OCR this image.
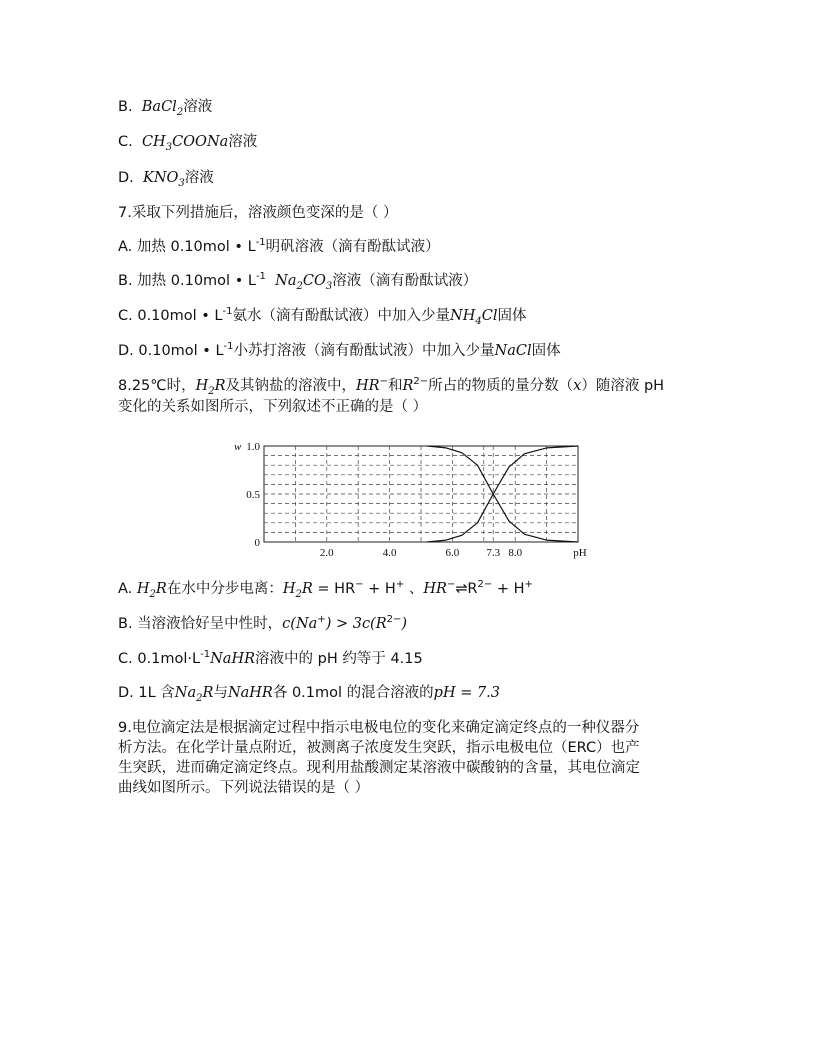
B. BaCl$_2$溶液
C. $CH_3COONa$溶液
D. $KNO_3$溶液
7.采取下列措施后，溶液颜色变深的是（ ）
A. 加热 0.10mol • $L^{-1}$明矾溶液（滴有酚酞试液）
B. 加热 0.10mol • $L^{-1}$ $Na_2CO_3$溶液（滴有酚酞试液）
C. 0.10mol • $L^{-1}$氨水（滴有酚酞试液）中加入少量$NH_4Cl$固体
D. 0.10mol • $L^{-1}$小苏打溶液（滴有酚酞试液）中加入少量NaCl固体
8.25℃时，$H_2R$及其钠盐的溶液中，HR−和$R^{2-}$所占的物质的量分数（x）随溶液 pH
变化的关系如图所示，下列叙述不正确的是（ ）
2.0	4.0	6.0 7.3 8.0
1.0
0.5
0
w
pH
A. $H_2R$在水中分步电离：$H_2R = HR^- + H^+$ 、$HR^-\rightleftharpoons R^{2-} + H^+$
B. 当溶液恰好呈中性时，$c(Na^+) > 3c(R^{2-})$
C. $0.1mol\cdot L^{-1}NaHR$溶液中的 pH 约等于 4.15
D. 1L 含$Na_2R$与NaHR各 0.1mol 的混合溶液的pH = 7.3
9.电位滴定法是根据滴定过程中指示电极电位的变化来确定滴定终点的一种仪器分
析方法。在化学计量点附近，被测离子浓度发生突跃，指示电极电位（ERC）也产
生突跃，进而确定滴定终点。现利用盐酸测定某溶液中碳酸钠的含量，其电位滴定
曲线如图所示。下列说法错误的是（ ）
